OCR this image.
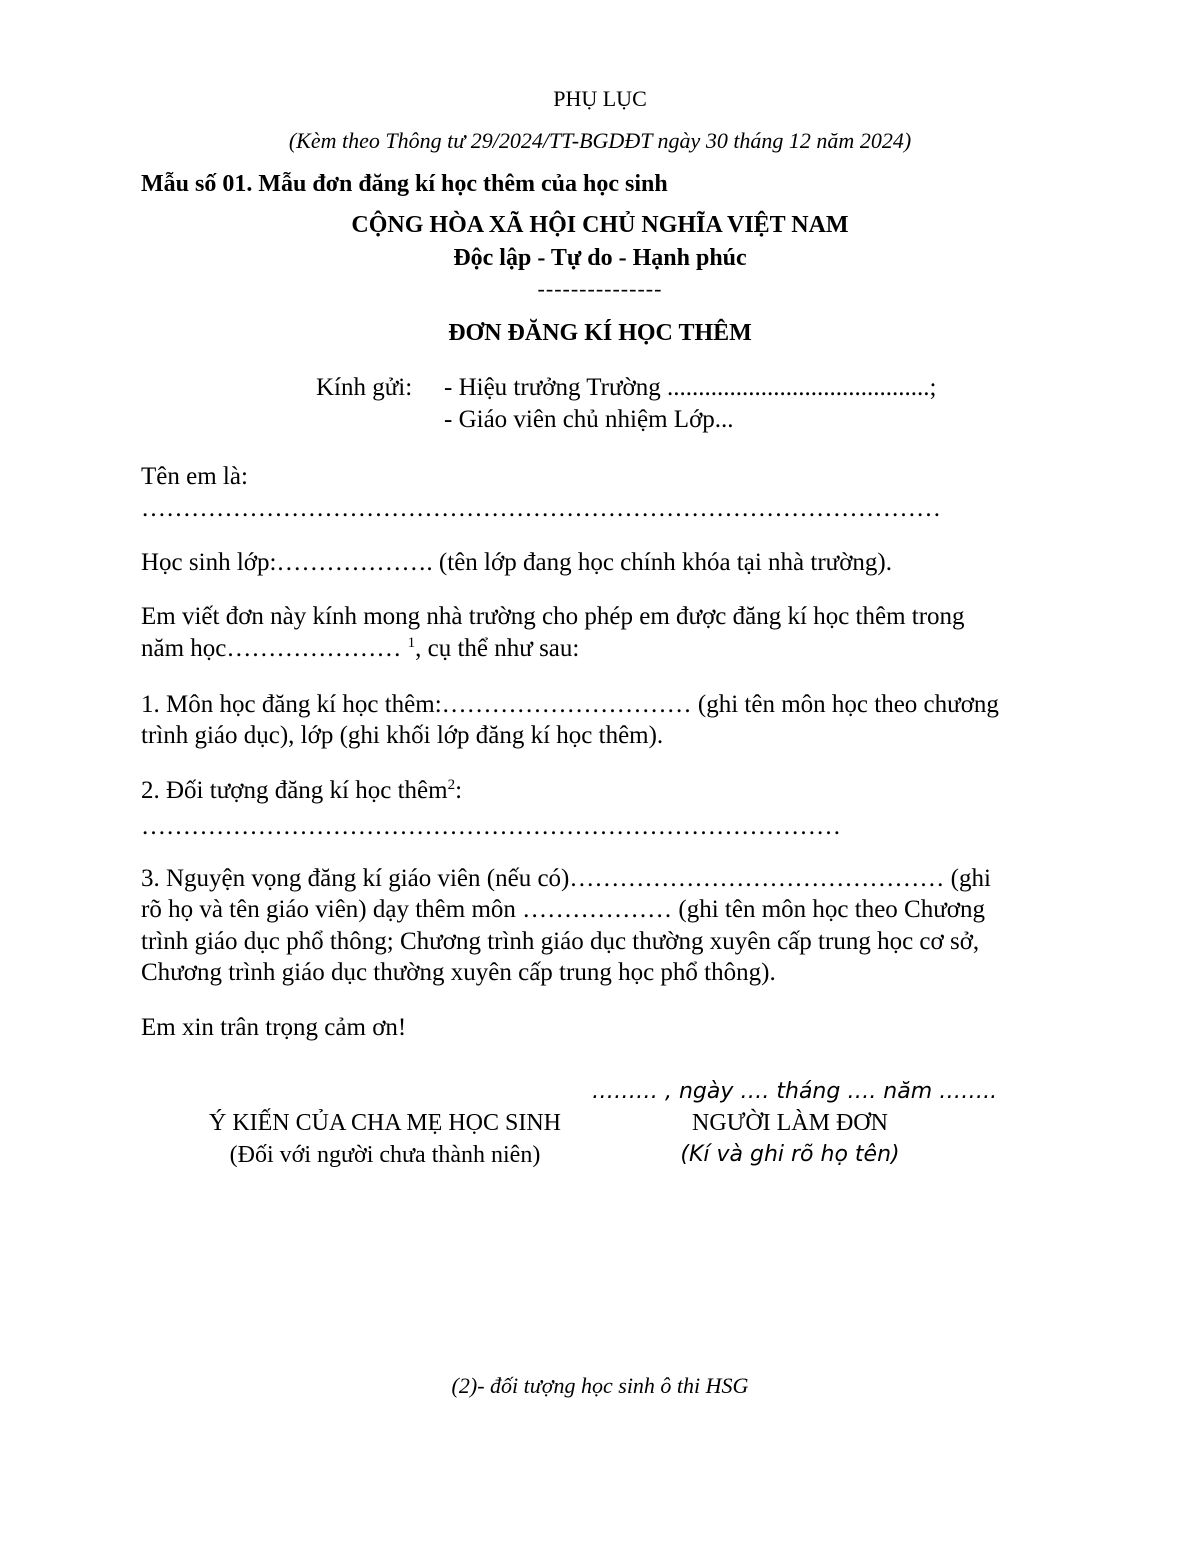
PHỤ LỤC
(Kèm theo Thông tư 29/2024/TT-BGDĐT ngày 30 tháng 12 năm 2024)
Mẫu số 01. Mẫu đơn đăng kí học thêm của học sinh
CỘNG HÒA XÃ HỘI CHỦ NGHĨA VIỆT NAM
Độc lập - Tự do - Hạnh phúc
---------------
ĐƠN ĐĂNG KÍ HỌC THÊM
Kính gửi: - Hiệu trưởng Trường ..........................................;
- Giáo viên chủ nhiệm Lớp...
Tên em là:
……………………………………………………………………………………
Học sinh lớp:………………. (tên lớp đang học chính khóa tại nhà trường).
Em viết đơn này kính mong nhà trường cho phép em được đăng kí học thêm trong
năm học………………… $^1$, cụ thể như sau:
1. Môn học đăng kí học thêm:………………………… (ghi tên môn học theo chương
trình giáo dục), lớp (ghi khối lớp đăng kí học thêm).
2. Đối tượng đăng kí học thêm$^2$:
…………………………………………………………………………
3. Nguyện vọng đăng kí giáo viên (nếu có)……………………………………… (ghi
rõ họ và tên giáo viên) dạy thêm môn ……………… (ghi tên môn học theo Chương
trình giáo dục phổ thông; Chương trình giáo dục thường xuyên cấp trung học cơ sở,
Chương trình giáo dục thường xuyên cấp trung học phổ thông).
Em xin trân trọng cảm ơn!
……… , ngày …. tháng …. năm ……..
Ý KIẾN CỦA CHA MẸ HỌC SINH
(Đối với người chưa thành niên)
NGƯỜI LÀM ĐƠN
(Kí và ghi rõ họ tên)
(2)- đối tượng học sinh ô thi HSG
